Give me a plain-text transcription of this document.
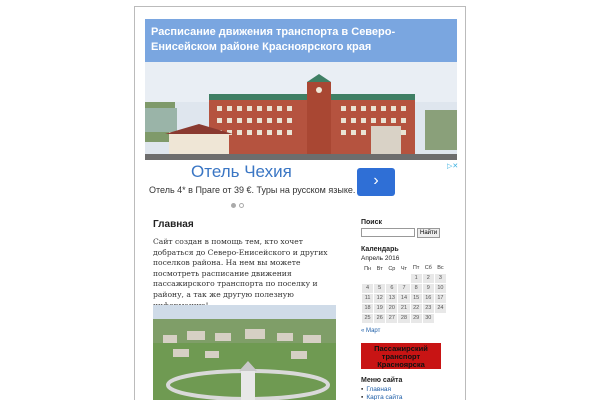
Расписание движения транспорта в Северо-Енисейском районе Красноярского края
Отель Чехия
Отель 4* в Праге от 39 €. Туры на русском языке.
›
▷✕
Главная

Сайт создан в помощь тем, кто хочет добраться до Северо-Енисейского и других поселков района. На нем вы можете посмотреть расписание движения пассажирского транспорта по поселку и району, а так же другую полезную

Поиск
Найти
Календарь
Апрель 2016
Пн	Вт	Ср	Чт	Пт	Сб	Вс
				1	2	3
4	5	6	7	8	9	10
11	12	13	14	15	16	17
18	19	20	21	22	23	24
25	26	27	28	29	30	
« Март
Пассажирский транспорт Красноярска
Меню сайта
▪ Главная
▪ Карта сайта
